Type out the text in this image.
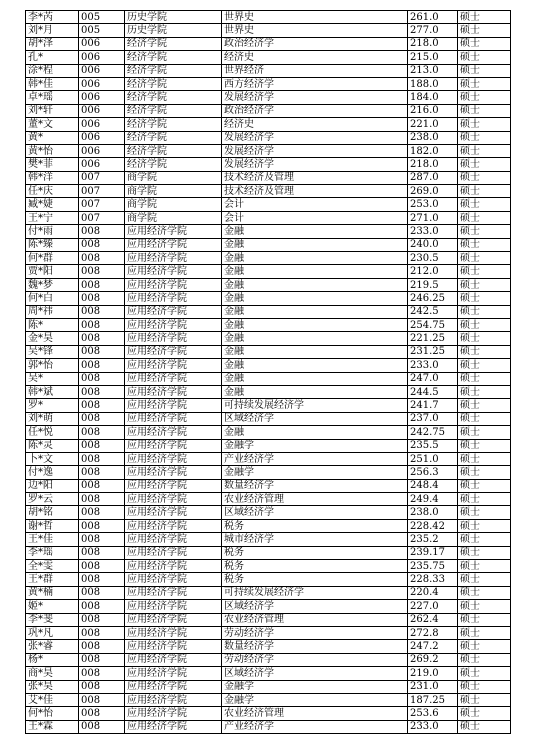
李*芮	005	历史学院	世界史	261.0	硕士
刘*月	005	历史学院	世界史	277.0	硕士
胡*泽	006	经济学院	政治经济学	218.0	硕士
孔*	006	经济学院	经济史	215.0	硕士
涂*程	006	经济学院	世界经济	213.0	硕士
韩*佳	006	经济学院	西方经济学	188.0	硕士
卓*瑶	006	经济学院	发展经济学	184.0	硕士
刘*轩	006	经济学院	政治经济学	216.0	硕士
董*文	006	经济学院	经济史	221.0	硕士
黄*	006	经济学院	发展经济学	238.0	硕士
黄*怡	006	经济学院	发展经济学	182.0	硕士
樊*菲	006	经济学院	发展经济学	218.0	硕士
韩*洋	007	商学院	技术经济及管理	287.0	硕士
任*庆	007	商学院	技术经济及管理	269.0	硕士
臧*婕	007	商学院	会计	253.0	硕士
王*宁	007	商学院	会计	271.0	硕士
付*雨	008	应用经济学院	金融	233.0	硕士
陈*臻	008	应用经济学院	金融	240.0	硕士
何*群	008	应用经济学院	金融	230.5	硕士
贾*阳	008	应用经济学院	金融	212.0	硕士
魏*梦	008	应用经济学院	金融	219.5	硕士
何*白	008	应用经济学院	金融	246.25	硕士
周*祎	008	应用经济学院	金融	242.5	硕士
陈*	008	应用经济学院	金融	254.75	硕士
金*昊	008	应用经济学院	金融	221.25	硕士
吴*锋	008	应用经济学院	金融	231.25	硕士
郭*怡	008	应用经济学院	金融	233.0	硕士
吴*	008	应用经济学院	金融	247.0	硕士
韩*斌	008	应用经济学院	金融	244.5	硕士
罗*	008	应用经济学院	可持续发展经济学	241.7	硕士
刘*萌	008	应用经济学院	区域经济学	237.0	硕士
任*悦	008	应用经济学院	金融	242.75	硕士
陈*灵	008	应用经济学院	金融学	235.5	硕士
卜*文	008	应用经济学院	产业经济学	251.0	硕士
付*逸	008	应用经济学院	金融学	256.3	硕士
边*阳	008	应用经济学院	数量经济学	248.4	硕士
罗*云	008	应用经济学院	农业经济管理	249.4	硕士
胡*铭	008	应用经济学院	区域经济学	238.0	硕士
谢*哲	008	应用经济学院	税务	228.42	硕士
王*佳	008	应用经济学院	城市经济学	235.2	硕士
李*瑶	008	应用经济学院	税务	239.17	硕士
全*雯	008	应用经济学院	税务	235.75	硕士
王*群	008	应用经济学院	税务	228.33	硕士
黄*楠	008	应用经济学院	可持续发展经济学	220.4	硕士
姬*	008	应用经济学院	区域经济学	227.0	硕士
李*斐	008	应用经济学院	农业经济管理	262.4	硕士
巩*凡	008	应用经济学院	劳动经济学	272.8	硕士
张*睿	008	应用经济学院	数量经济学	247.2	硕士
杨*	008	应用经济学院	劳动经济学	269.2	硕士
商*昊	008	应用经济学院	区域经济学	219.0	硕士
张*昊	008	应用经济学院	金融学	231.0	硕士
艾*佳	008	应用经济学院	金融学	187.25	硕士
何*怡	008	应用经济学院	农业经济管理	253.6	硕士
王*霖	008	应用经济学院	产业经济学	233.0	硕士
